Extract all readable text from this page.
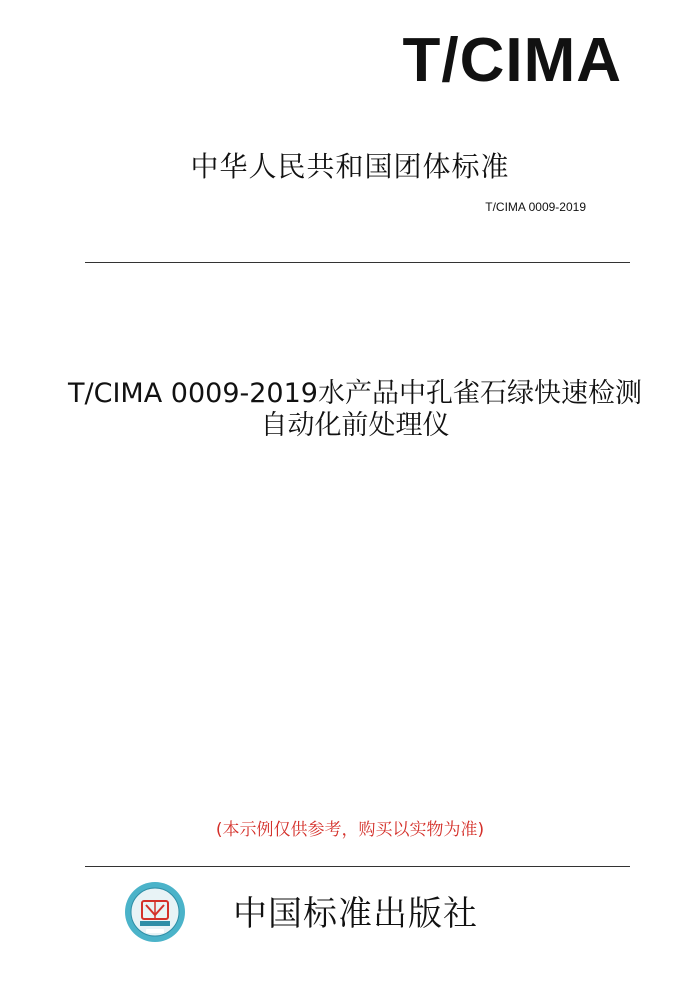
T/CIMA
中华人民共和国团体标准
T/CIMA 0009-2019
T/CIMA 0009-2019水产品中孔雀石绿快速检测
自动化前处理仪
(本示例仅供参考，购买以实物为准)
中国标准出版社
